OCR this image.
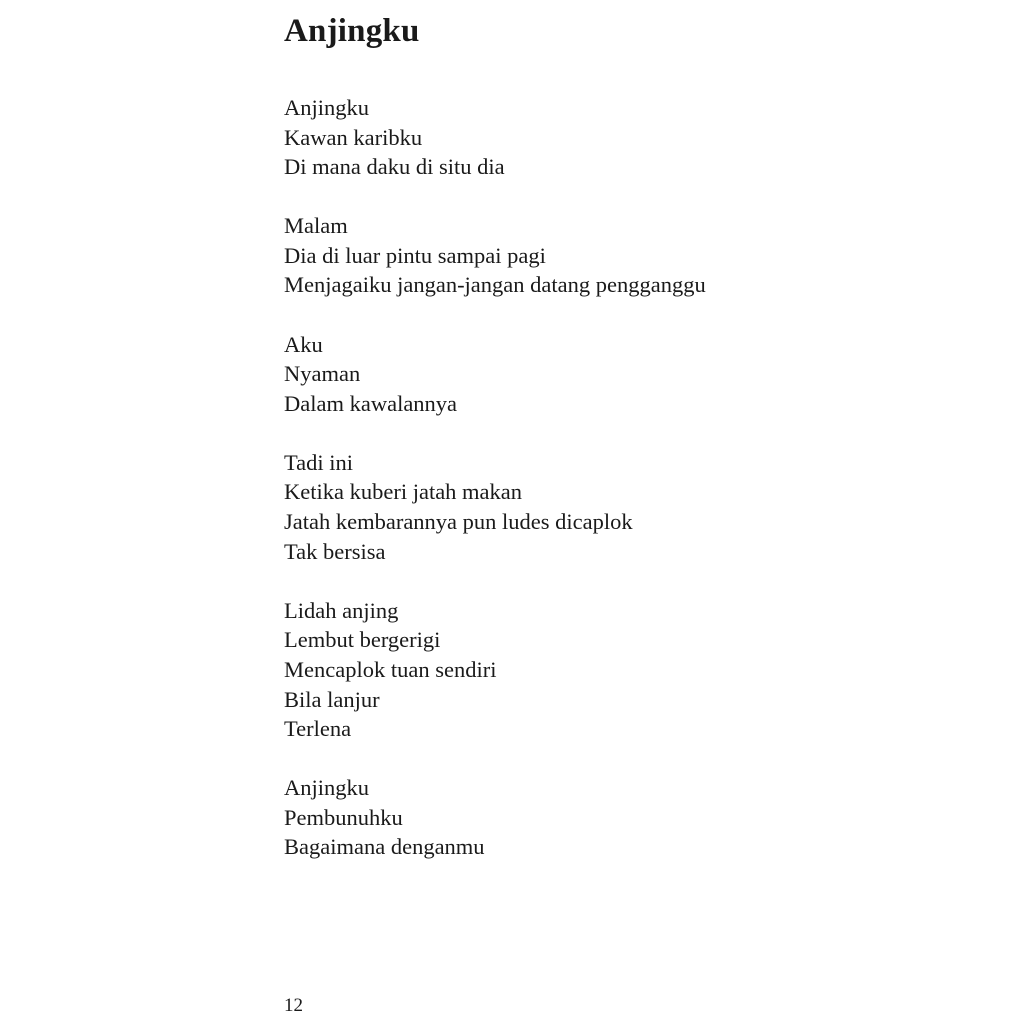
Anjingku
Anjingku
Kawan karibku
Di mana daku di situ dia
Malam
Dia di luar pintu sampai pagi
Menjagaiku jangan-jangan datang pengganggu
Aku
Nyaman
Dalam kawalannya
Tadi ini
Ketika kuberi jatah makan
Jatah kembarannya pun ludes dicaplok
Tak bersisa
Lidah anjing
Lembut bergerigi
Mencaplok tuan sendiri
Bila lanjur
Terlena
Anjingku
Pembunuhku
Bagaimana denganmu
12
